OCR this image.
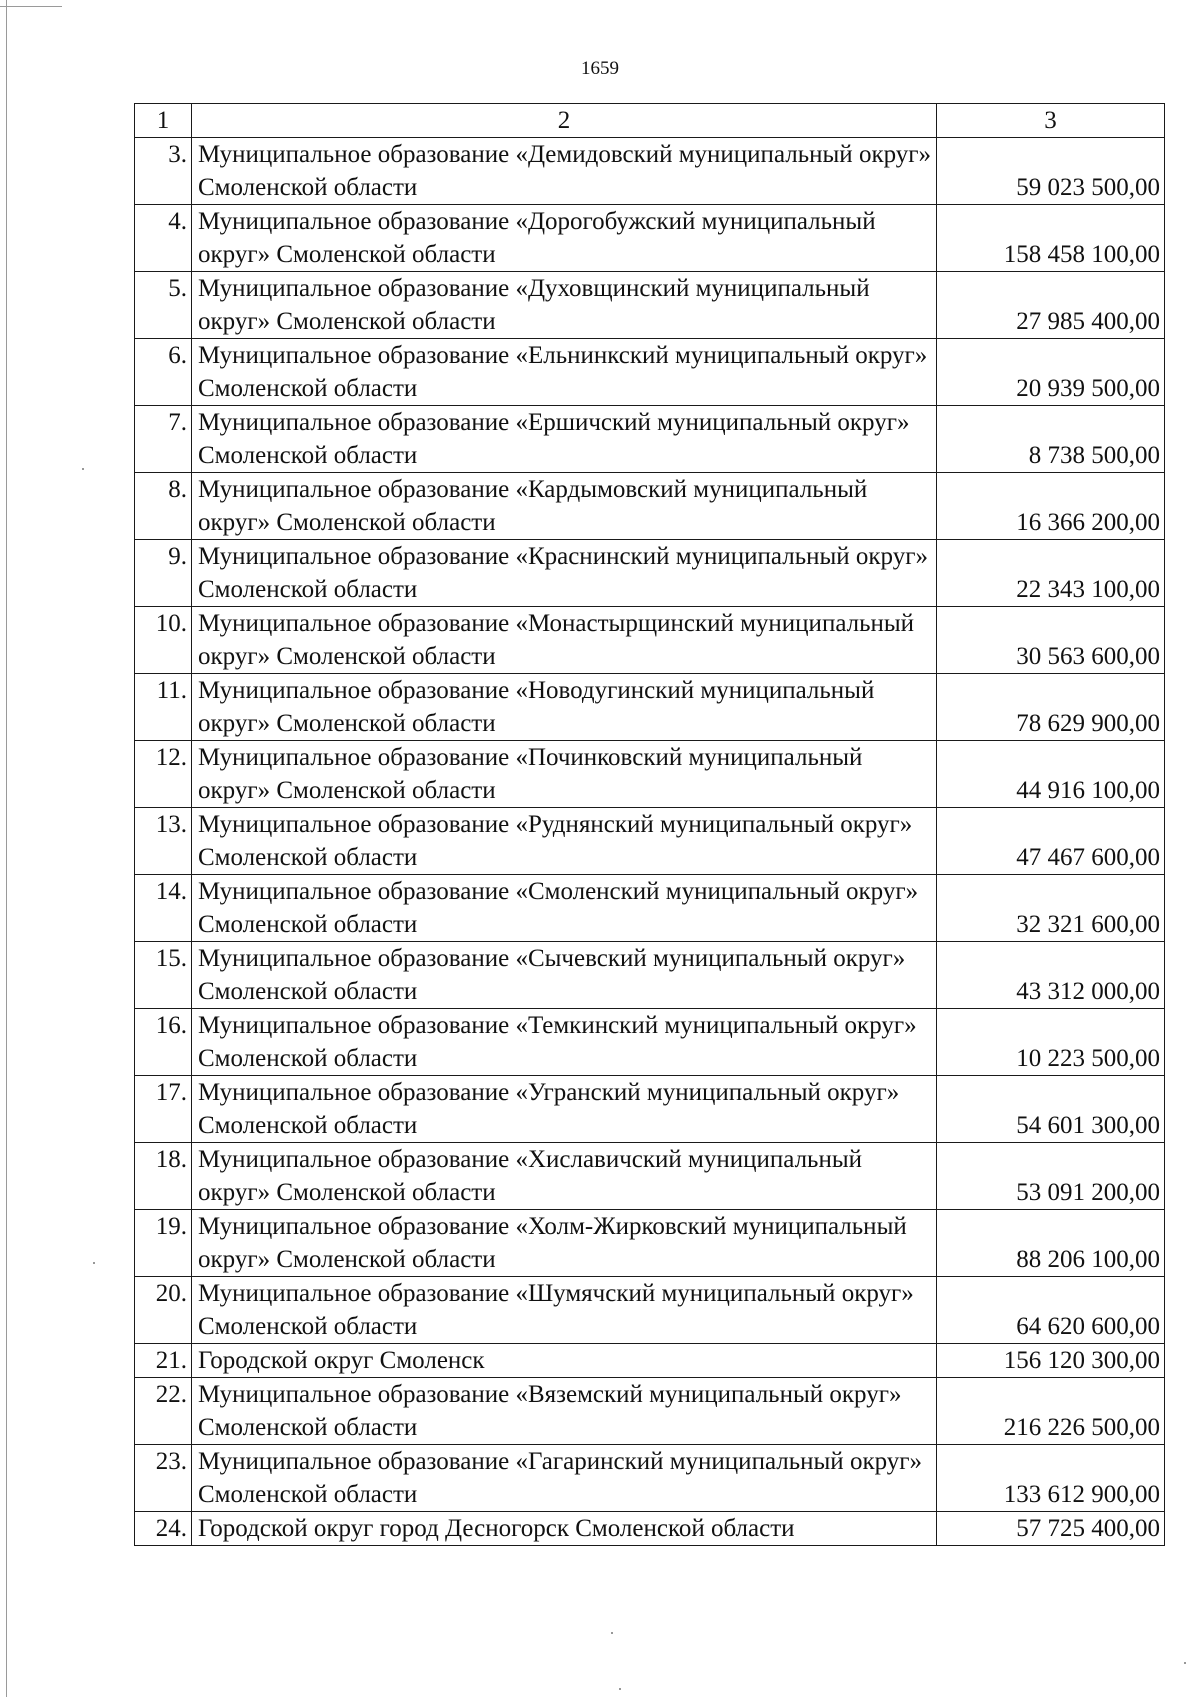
1659
1	2	3
3.	Муниципальное образование «Демидовский муниципальный округ» Смоленской области	59 023 500,00
4.	Муниципальное образование «Дорогобужский муниципальный округ» Смоленской области	158 458 100,00
5.	Муниципальное образование «Духовщинский муниципальный округ» Смоленской области	27 985 400,00
6.	Муниципальное образование «Ельнинкский муниципальный округ» Смоленской области	20 939 500,00
7.	Муниципальное образование «Ершичский муниципальный округ» Смоленской области	8 738 500,00
8.	Муниципальное образование «Кардымовский муниципальный округ» Смоленской области	16 366 200,00
9.	Муниципальное образование «Краснинский муниципальный округ» Смоленской области	22 343 100,00
10.	Муниципальное образование «Монастырщинский муниципальный округ» Смоленской области	30 563 600,00
11.	Муниципальное образование «Новодугинский муниципальный округ» Смоленской области	78 629 900,00
12.	Муниципальное образование «Починковский муниципальный округ» Смоленской области	44 916 100,00
13.	Муниципальное образование «Руднянский муниципальный округ» Смоленской области	47 467 600,00
14.	Муниципальное образование «Смоленский муниципальный округ» Смоленской области	32 321 600,00
15.	Муниципальное образование «Сычевский муниципальный округ» Смоленской области	43 312 000,00
16.	Муниципальное образование «Темкинский муниципальный округ» Смоленской области	10 223 500,00
17.	Муниципальное образование «Угранский муниципальный округ» Смоленской области	54 601 300,00
18.	Муниципальное образование «Хиславичский муниципальный округ» Смоленской области	53 091 200,00
19.	Муниципальное образование «Холм-Жирковский муниципальный округ» Смоленской области	88 206 100,00
20.	Муниципальное образование «Шумячский муниципальный округ» Смоленской области	64 620 600,00
21.	Городской округ Смоленск	156 120 300,00
22.	Муниципальное образование «Вяземский муниципальный округ» Смоленской области	216 226 500,00
23.	Муниципальное образование «Гагаринский муниципальный округ» Смоленской области	133 612 900,00
24.	Городской округ город Десногорск Смоленской области	57 725 400,00
